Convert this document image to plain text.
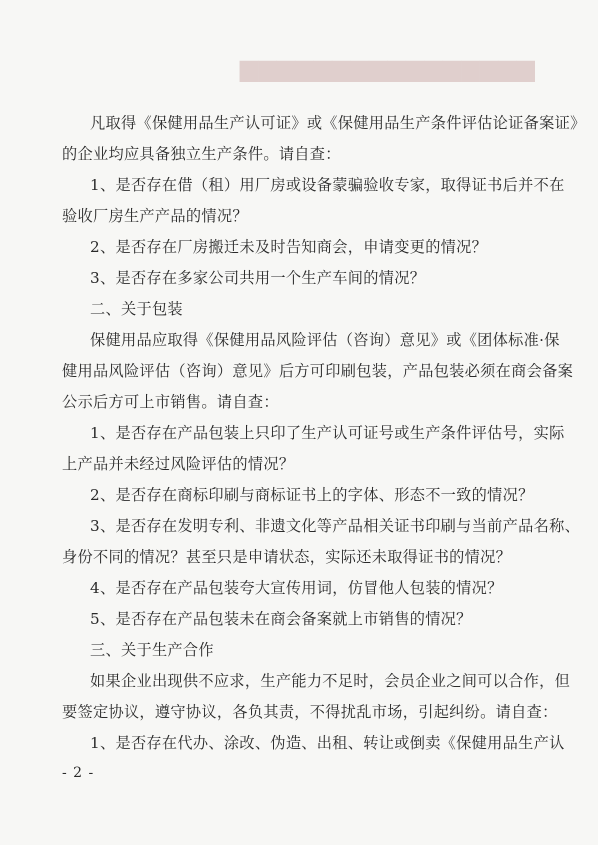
▆▆▆▆▆▆▆▆▆▆▆▆▆▆▆▆

凡取得《保健用品生产认可证》或《保健用品生产条件评估论证备案证》

的企业均应具备独立生产条件。请自查：

1、是否存在借（租）用厂房或设备蒙骗验收专家，取得证书后并不在

验收厂房生产产品的情况？

2、是否存在厂房搬迁未及时告知商会，申请变更的情况？

3、是否存在多家公司共用一个生产车间的情况？

二、关于包装

保健用品应取得《保健用品风险评估（咨询）意见》或《团体标准·保

健用品风险评估（咨询）意见》后方可印刷包装，产品包装必须在商会备案

公示后方可上市销售。请自查：

1、是否存在产品包装上只印了生产认可证号或生产条件评估号，实际

上产品并未经过风险评估的情况？

2、是否存在商标印刷与商标证书上的字体、形态不一致的情况？

3、是否存在发明专利、非遗文化等产品相关证书印刷与当前产品名称、

身份不同的情况？甚至只是申请状态，实际还未取得证书的情况？

4、是否存在产品包装夸大宣传用词，仿冒他人包装的情况？

5、是否存在产品包装未在商会备案就上市销售的情况？

三、关于生产合作

如果企业出现供不应求，生产能力不足时，会员企业之间可以合作，但

要签定协议，遵守协议，各负其责，不得扰乱市场，引起纠纷。请自查：

1、是否存在代办、涂改、伪造、出租、转让或倒卖《保健用品生产认

- 2 -
